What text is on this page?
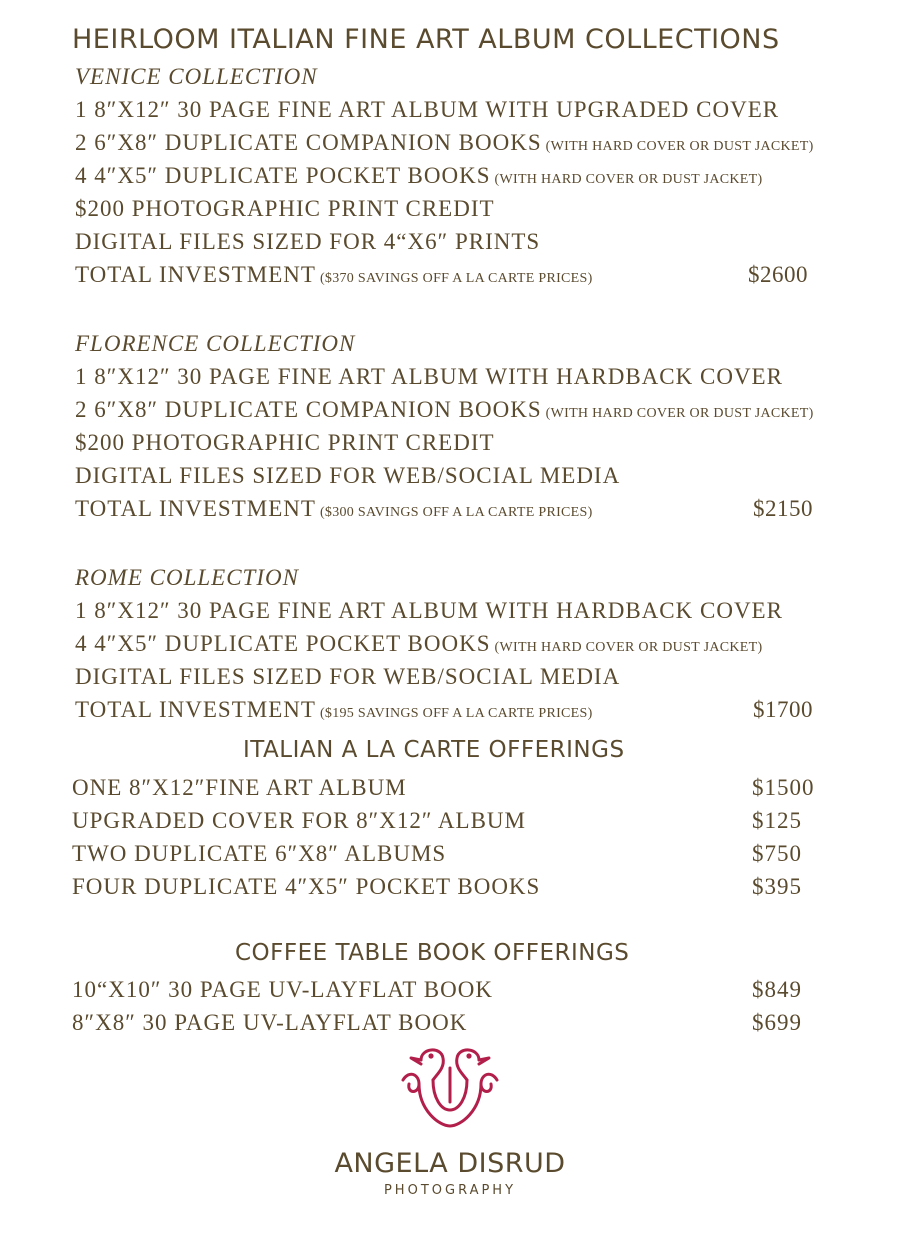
HEIRLOOM ITALIAN FINE ART ALBUM COLLECTIONS
VENICE COLLECTION
1 8″X12″ 30 PAGE FINE ART ALBUM WITH UPGRADED COVER
2 6″X8″ DUPLICATE COMPANION BOOKS (WITH HARD COVER OR DUST JACKET)
4 4″X5″ DUPLICATE POCKET BOOKS (WITH HARD COVER OR DUST JACKET)
$200 PHOTOGRAPHIC PRINT CREDIT
DIGITAL FILES SIZED FOR 4“X6″ PRINTS
TOTAL INVESTMENT ($370 SAVINGS OFF A LA CARTE PRICES)	$2600
FLORENCE COLLECTION
1 8″X12″ 30 PAGE FINE ART ALBUM WITH HARDBACK COVER
2 6″X8″ DUPLICATE COMPANION BOOKS (WITH HARD COVER OR DUST JACKET)
$200 PHOTOGRAPHIC PRINT CREDIT
DIGITAL FILES SIZED FOR WEB/SOCIAL MEDIA
TOTAL INVESTMENT ($300 SAVINGS OFF A LA CARTE PRICES)	$2150
ROME COLLECTION
1 8″X12″ 30 PAGE FINE ART ALBUM WITH HARDBACK COVER
4 4″X5″ DUPLICATE POCKET BOOKS (WITH HARD COVER OR DUST JACKET)
DIGITAL FILES SIZED FOR WEB/SOCIAL MEDIA
TOTAL INVESTMENT ($195 SAVINGS OFF A LA CARTE PRICES)	$1700
ITALIAN A LA CARTE OFFERINGS
ONE 8″X12″FINE ART ALBUM	$1500
UPGRADED COVER FOR 8″X12″ ALBUM	$125
TWO DUPLICATE 6″X8″ ALBUMS	$750
FOUR DUPLICATE 4″X5″ POCKET BOOKS	$395
COFFEE TABLE BOOK OFFERINGS
10“X10″ 30 PAGE UV-LAYFLAT BOOK	$849
8″X8″ 30 PAGE UV-LAYFLAT BOOK	$699
ANGELA DISRUD
PHOTOGRAPHY
